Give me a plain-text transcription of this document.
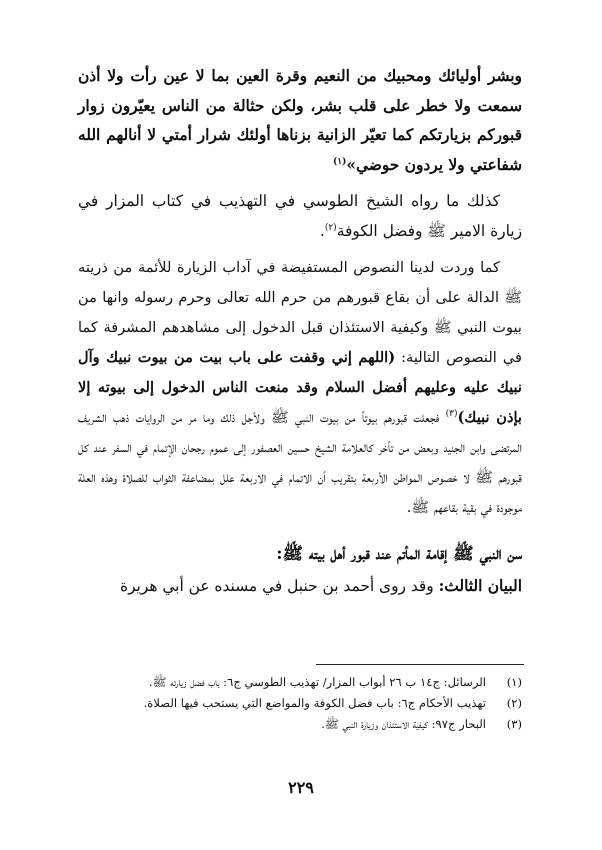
وبشر أوليائك ومحبيك من النعيم وقرة العين بما لا عين رأت ولا أذن سمعت ولا خطر على قلب بشر، ولكن حثالة من الناس يعيّرون زوار قبوركم بزيارتكم كما تعيّر الزانية بزناها أولئك شرار أمتي لا أنالهم الله شفاعتي ولا يردون حوضي»$^{(١)}$

كذلك ما رواه الشيخ الطوسي في التهذيب في كتاب المزار في زيارة الامير ﷺ وفضل الكوفة$^{(٢)}$.

كما وردت لدينا النصوص المستفيضة في آداب الزيارة للأئمة من ذريته ﷺ الدالة على أن بقاع قبورهم من حرم الله تعالى وحرم رسوله وانها من بيوت النبي ﷺ وكيفية الاستئذان قبل الدخول إلى مشاهدهم المشرفة كما في النصوص التالية: (اللهم إني وقفت على باب بيت من بيوت نبيك وآل نبيك عليه وعليهم أفضل السلام وقد منعت الناس الدخول إلى بيوته إلا بإذن نبيك)$^{(٣)}$ فجعلت قبورهم بيوتاً من بيوت النبي ﷺ ولأجل ذلك وما مر من الروايات ذهب الشريف المرتضى وابن الجنيد وبعض من تأخر كالعلامة الشيخ حسين العصفور إلى عموم رجحان الإتمام في السفر عند كل قبورهم ﷺ لا خصوص المواطن الأربعة بتقريب أن الاتمام في الاربعة علل بمضاعفة الثواب للصلاة وهذه العلة موجودة في بقية بقاعهم ﷺ.

سن النبي ﷺ إقامة المأتم عند قبور أهل بيته ﷺ:

البيان الثالث: وقد روى أحمد بن حنبل في مسنده عن أبي هريرة

(١)
الرسائل: ج١٤ ب ٢٦ أبواب المزار/ تهذيب الطوسي ج٦: باب فضل زيارته ﷺ.
(٢)
تهذيب الأحكام ج٦: باب فضل الكوفة والمواضع التي يستحب فيها الصلاة.
(٣)
البحار ج٩٧: كيفية الاستئذان وزيارة النبي ﷺ.
٢٢٩
